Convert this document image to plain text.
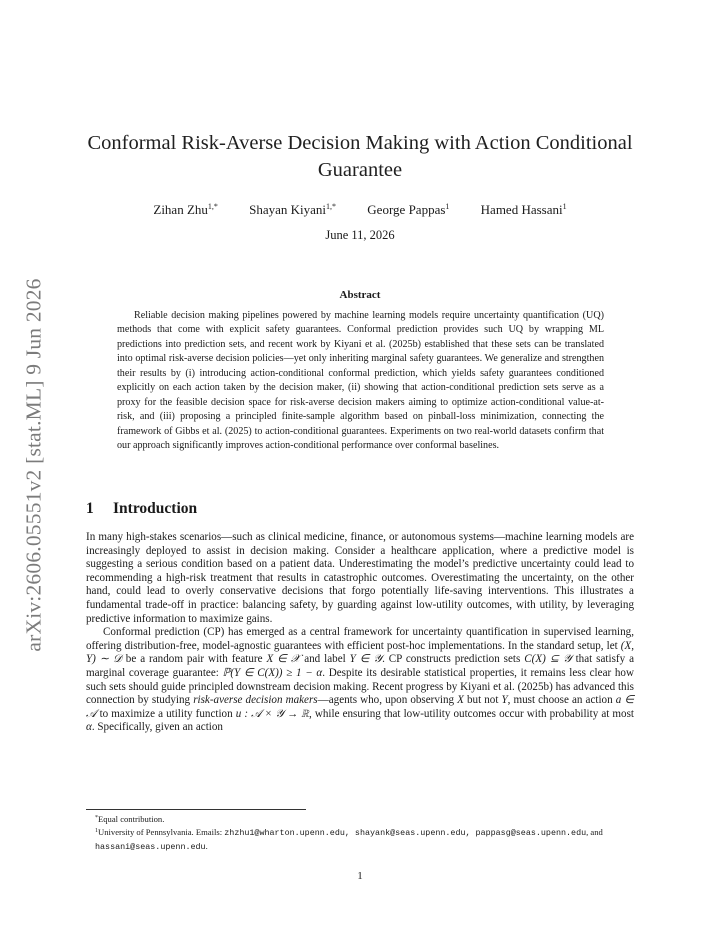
arXiv:2606.05551v2 [stat.ML] 9 Jun 2026
Conformal Risk-Averse Decision Making with Action Conditional Guarantee
Zihan Zhu$^{1,*}$ Shayan Kiyani$^{1,*}$ George Pappas$^1$ Hamed Hassani$^1$
June 11, 2026
Abstract
Reliable decision making pipelines powered by machine learning models require uncertainty quantification (UQ) methods that come with explicit safety guarantees. Conformal prediction provides such UQ by wrapping ML predictions into prediction sets, and recent work by Kiyani et al. (2025b) established that these sets can be translated into optimal risk-averse decision policies—yet only inheriting marginal safety guarantees. We generalize and strengthen their results by (i) introducing action-conditional conformal prediction, which yields safety guarantees conditioned explicitly on each action taken by the decision maker, (ii) showing that action-conditional prediction sets serve as a proxy for the feasible decision space for risk-averse decision makers aiming to optimize action-conditional value-at-risk, and (iii) proposing a principled finite-sample algorithm based on pinball-loss minimization, connecting the framework of Gibbs et al. (2025) to action-conditional guarantees. Experiments on two real-world datasets confirm that our approach significantly improves action-conditional performance over conformal baselines.
1 Introduction

In many high-stakes scenarios—such as clinical medicine, finance, or autonomous systems—machine learning models are increasingly deployed to assist in decision making. Consider a healthcare application, where a predictive model is suggesting a serious condition based on a patient data. Underestimating the model’s predictive uncertainty could lead to recommending a high-risk treatment that results in catastrophic outcomes. Overestimating the uncertainty, on the other hand, could lead to overly conservative decisions that forgo potentially life-saving interventions. This illustrates a fundamental trade-off in practice: balancing safety, by guarding against low-utility outcomes, with utility, by leveraging predictive information to maximize gains.

Conformal prediction (CP) has emerged as a central framework for uncertainty quantification in supervised learning, offering distribution-free, model-agnostic guarantees with efficient post-hoc implementations. In the standard setup, let (X, Y) ∼ 𝒟 be a random pair with feature X ∈ 𝒳 and label Y ∈ 𝒴. CP constructs prediction sets C(X) ⊆ 𝒴 that satisfy a marginal coverage guarantee: ℙ(Y ∈ C(X)) ≥ 1 − α. Despite its desirable statistical properties, it remains less clear how such sets should guide principled downstream decision making. Recent progress by Kiyani et al. (2025b) has advanced this connection by studying risk-averse decision makers—agents who, upon observing X but not Y, must choose an action a ∈ 𝒜 to maximize a utility function u : 𝒜 × 𝒴 → ℝ, while ensuring that low-utility outcomes occur with probability at most α. Specifically, given an action

*Equal contribution.

$^1$University of Pennsylvania. Emails: zhzhu1@wharton.upenn.edu, shayank@seas.upenn.edu, pappasg@seas.upenn.edu, and hassani@seas.upenn.edu.

1
